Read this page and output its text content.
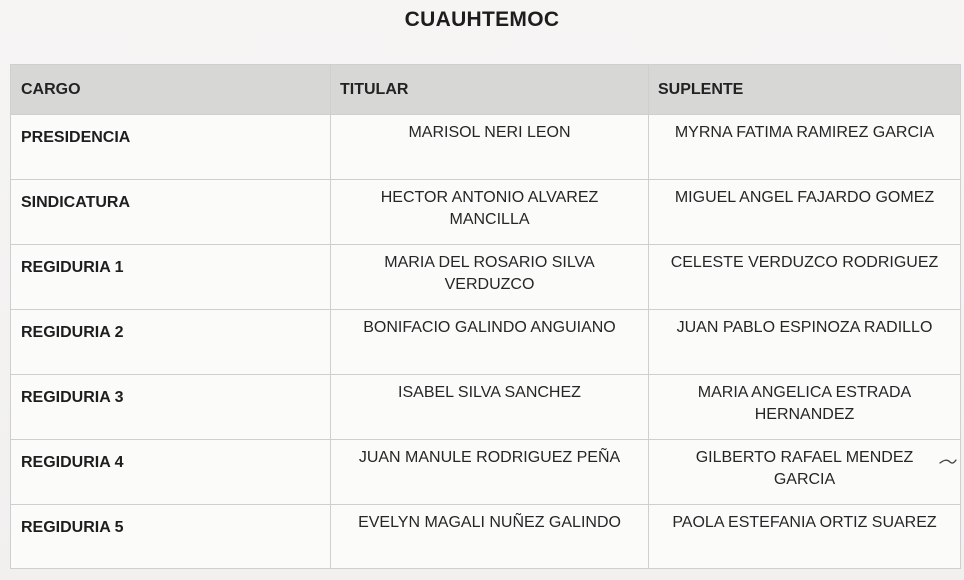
CUAUHTEMOC
CARGO	TITULAR	SUPLENTE
PRESIDENCIA	MARISOL NERI LEON	MYRNA FATIMA RAMIREZ GARCIA
SINDICATURA	HECTOR ANTONIO ALVAREZ MANCILLA	MIGUEL ANGEL FAJARDO GOMEZ
REGIDURIA 1	MARIA DEL ROSARIO SILVA VERDUZCO	CELESTE VERDUZCO RODRIGUEZ
REGIDURIA 2	BONIFACIO GALINDO ANGUIANO	JUAN PABLO ESPINOZA RADILLO
REGIDURIA 3	ISABEL SILVA SANCHEZ	MARIA ANGELICA ESTRADA HERNANDEZ
REGIDURIA 4	JUAN MANULE RODRIGUEZ PEÑA	GILBERTO RAFAEL MENDEZ GARCIA
REGIDURIA 5	EVELYN MAGALI NUÑEZ GALINDO	PAOLA ESTEFANIA ORTIZ SUAREZ
